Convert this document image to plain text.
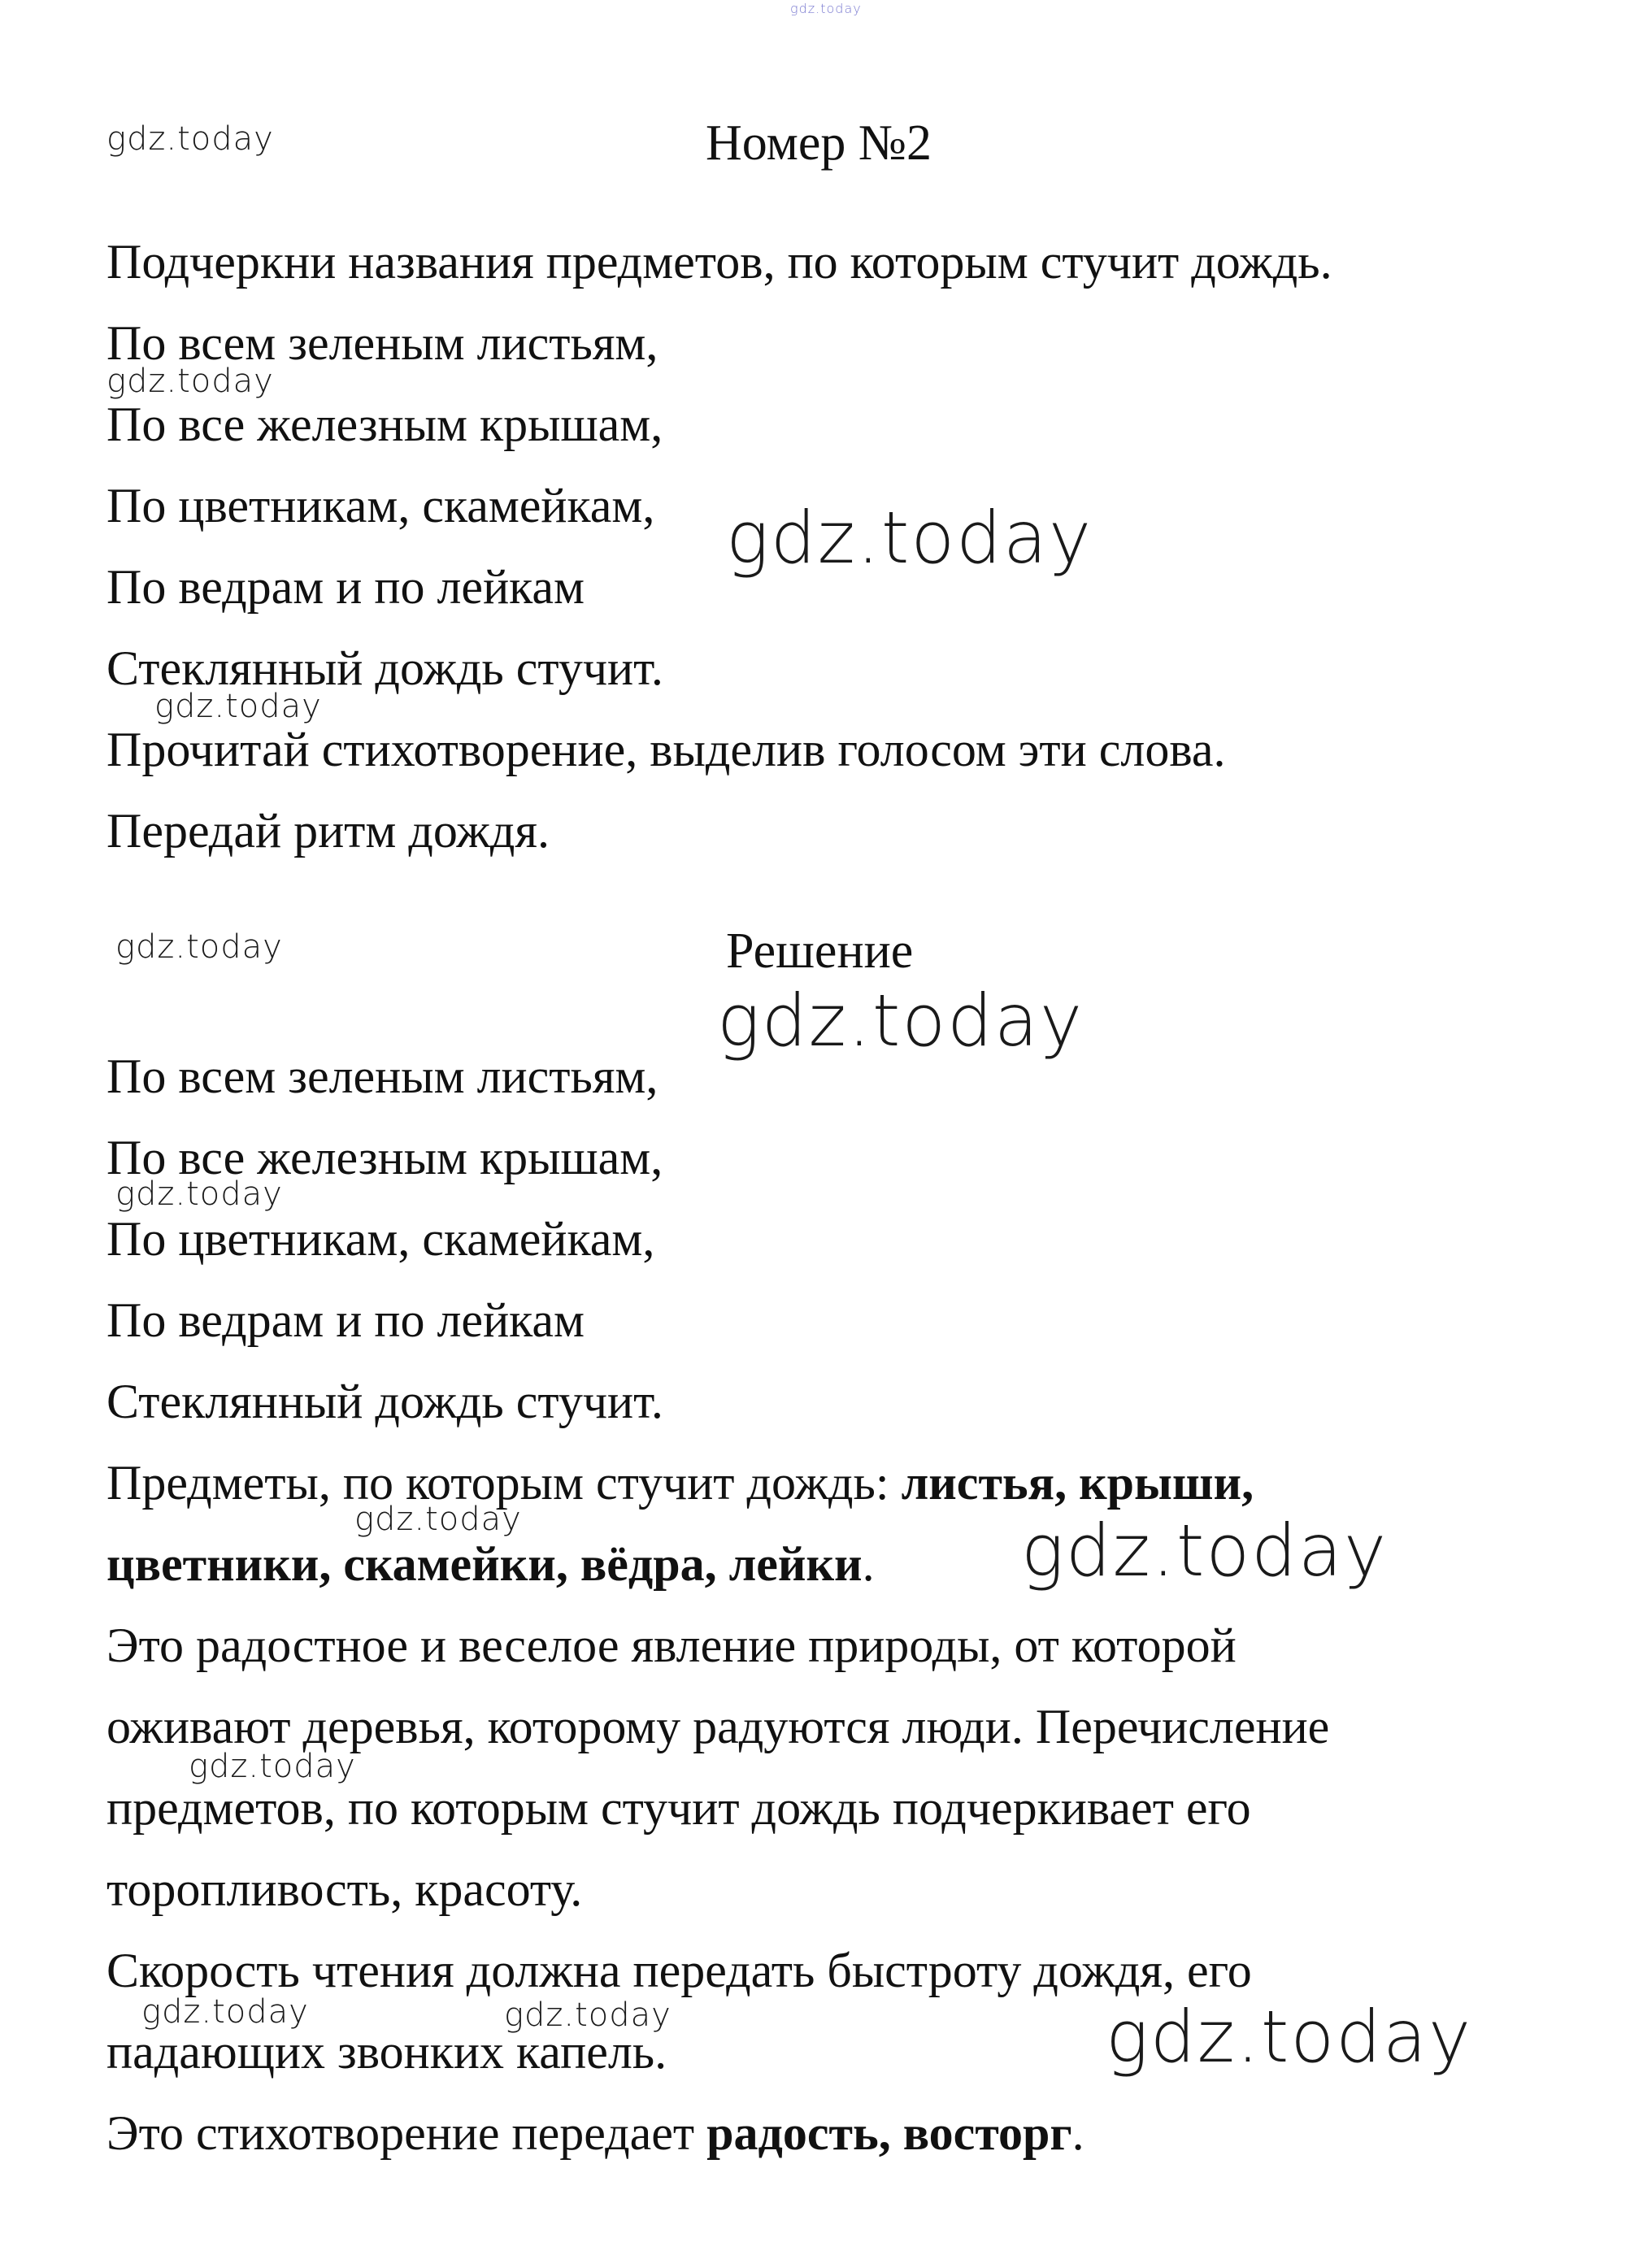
gdz.today
gdz.today	Номер №2
Подчеркни названия предметов, по которым стучит дождь.
По всем зеленым листьям,
gdz.today
По все железным крышам,
По цветникам, скамейкам, gdz.today
По ведрам и по лейкам
Стеклянный дождь стучит.
gdz.today
Прочитай стихотворение, выделив голосом эти слова.
Передай ритм дождя.
gdz.today	Решение
gdz.today
По всем зеленым листьям,
По все железным крышам,
gdz.today
По цветникам, скамейкам,
По ведрам и по лейкам
Стеклянный дождь стучит.
Предметы, по которым стучит дождь: листья, крыши,
gdz.today
цветники, скамейки, вёдра, лейки. gdz.today
Это радостное и веселое явление природы, от которой
оживают деревья, которому радуются люди. Перечисление
gdz.today
предметов, по которым стучит дождь подчеркивает его
торопливость, красоту.
Скорость чтения должна передать быстроту дождя, его
gdz.today	gdz.today
падающих звонких капель.	gdz.today
Это стихотворение передает радость, восторг.
